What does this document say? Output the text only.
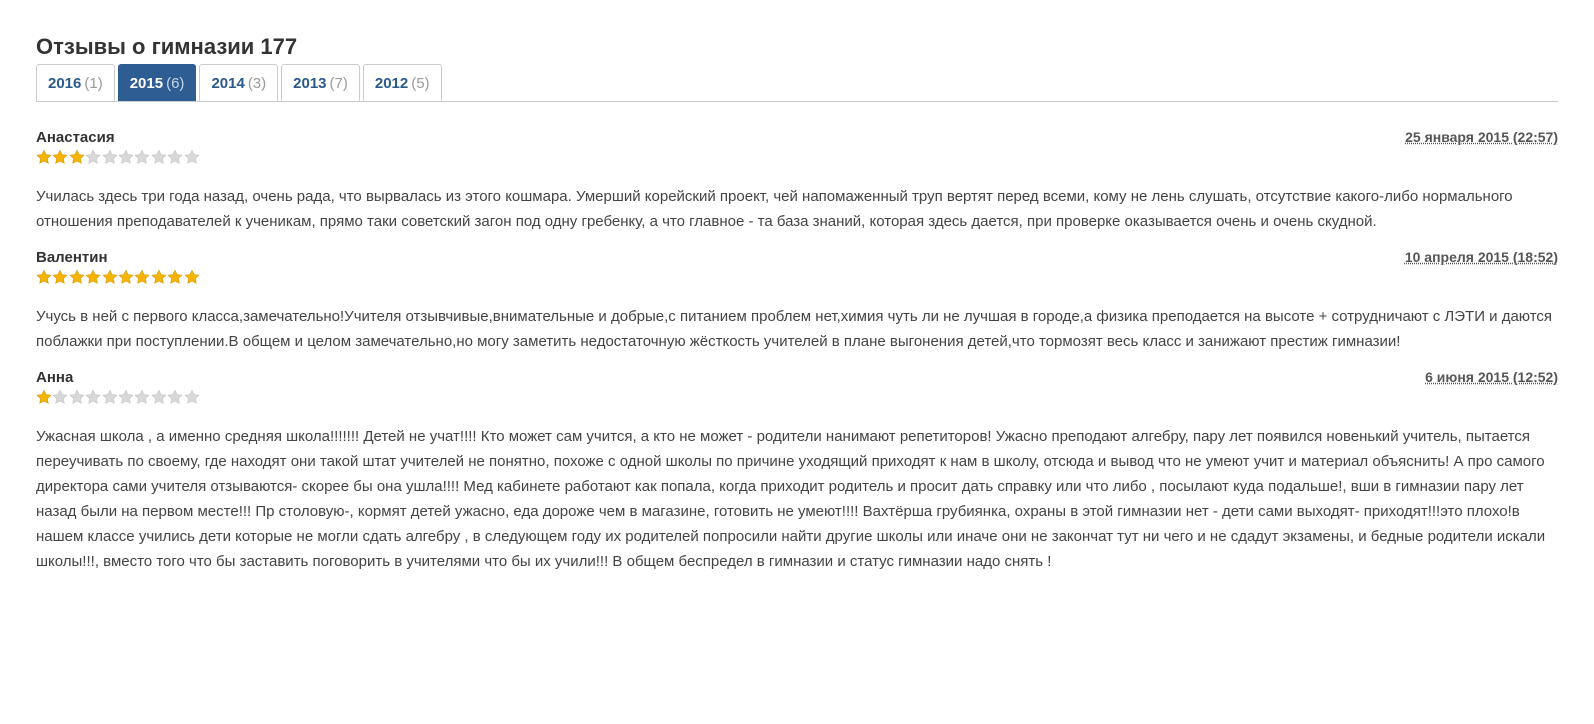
Отзывы о гимназии 177
2016 (1) 2015 (6) 2014 (3) 2013 (7) 2012 (5)
Анастасия	25 января 2015 (22:57)

Училась здесь три года назад, очень рада, что вырвалась из этого кошмара. Умерший корейский проект, чей напомаженный труп вертят перед всеми, кому не лень слушать, отсутствие какого-либо нормального отношения преподавателей к ученикам, прямо таки советский загон под одну гребенку, а что главное - та база знаний, которая здесь дается, при проверке оказывается очень и очень скудной.

Валентин	10 апреля 2015 (18:52)

Учусь в ней с первого класса,замечательно!Учителя отзывчивые,внимательные и добрые,с питанием проблем нет,химия чуть ли не лучшая в городе,а физика преподается на высоте + сотрудничают с ЛЭТИ и даются поблажки при поступлении.В общем и целом замечательно,но могу заметить недостаточную жёсткость учителей в плане выгонения детей,что тормозят весь класс и занижают престиж гимназии!

Анна	6 июня 2015 (12:52)

Ужасная школа , а именно средняя школа!!!!!!! Детей не учат!!!! Кто может сам учится, а кто не может - родители нанимают репетиторов! Ужасно преподают алгебру, пару лет появился новенький учитель, пытается переучивать по своему, где находят они такой штат учителей не понятно, похоже с одной школы по причине уходящий приходят к нам в школу, отсюда и вывод что не умеют учит и материал объяснить! А про самого директора сами учителя отзываются- скорее бы она ушла!!!! Мед кабинете работают как попала, когда приходит родитель и просит дать справку или что либо , посылают куда подальше!, вши в гимназии пару лет назад были на первом месте!!! Пр столовую-, кормят детей ужасно, еда дороже чем в магазине, готовить не умеют!!!! Вахтёрша грубиянка, охраны в этой гимназии нет - дети сами выходят- приходят!!!это плохо!в нашем классе учились дети которые не могли сдать алгебру , в следующем году их родителей попросили найти другие школы или иначе они не закончат тут ни чего и не сдадут экзамены, и бедные родители искали школы!!!, вместо того что бы заставить поговорить в учителями что бы их учили!!! В общем беспредел в гимназии и статус гимназии надо снять !
